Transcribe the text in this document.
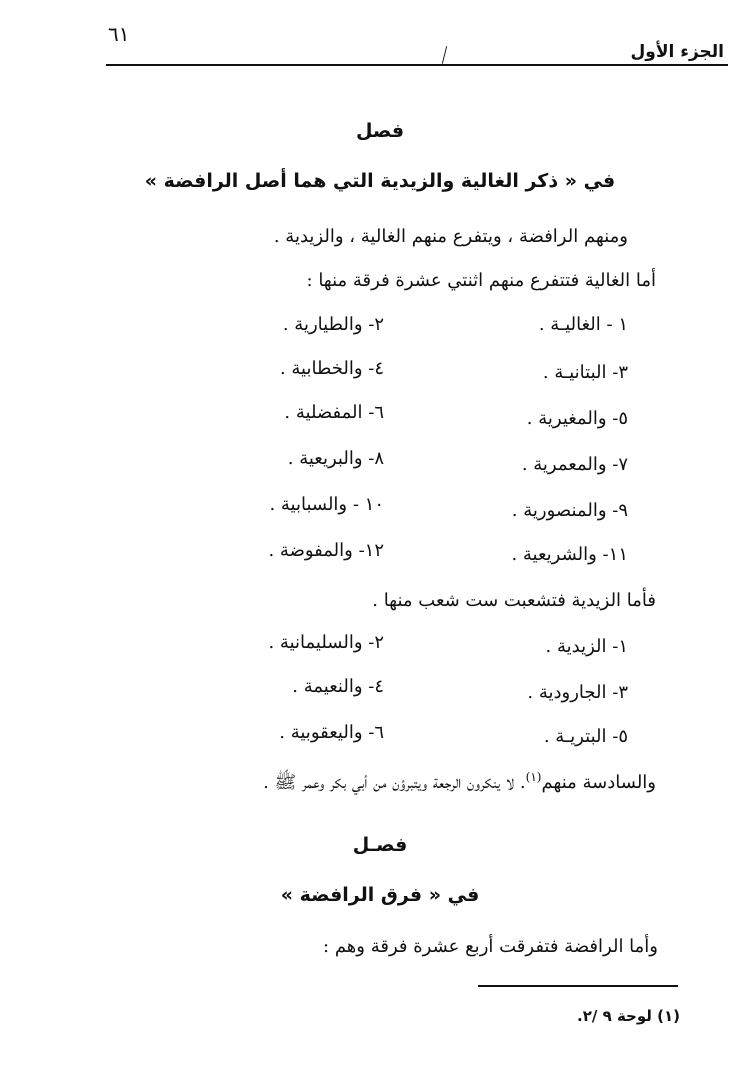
٦١
الجزء الأول
فصل
في « ذكر الغالية والزيدية التي هما أصل الرافضة »
ومنهم الرافضة ، ويتفرع منهم الغالية ، والزيدية .
أما الغالية فتتفرع منهم اثنتي عشرة فرقة منها :
١ - الغاليـة .
٢- والطيارية .
٣- البتانيـة .
٤- والخطابية .
٥- والمغيرية .
٦- المفضلية .
٧- والمعمرية .
٨- والبريعية .
٩- والمنصورية .
١٠ - والسبابية .
١١- والشريعية .
١٢- والمفوضة .
فأما الزيدية فتشعبت ست شعب منها .
١- الزيدية .
٢- والسليمانية .
٣- الجارودية .
٤- والنعيمة .
٥- البتريـة .
٦- واليعقوبية .
والسادسة منهم$^{(١)}$. لا ينكرون الرجعة ويتبرؤن من أبي بكر وعمر ﷺ .
فصـل
في « فرق الرافضة »
وأما الرافضة فتفرقت أربع عشرة فرقة وهم :
(١) لوحة ٩ /٢.
